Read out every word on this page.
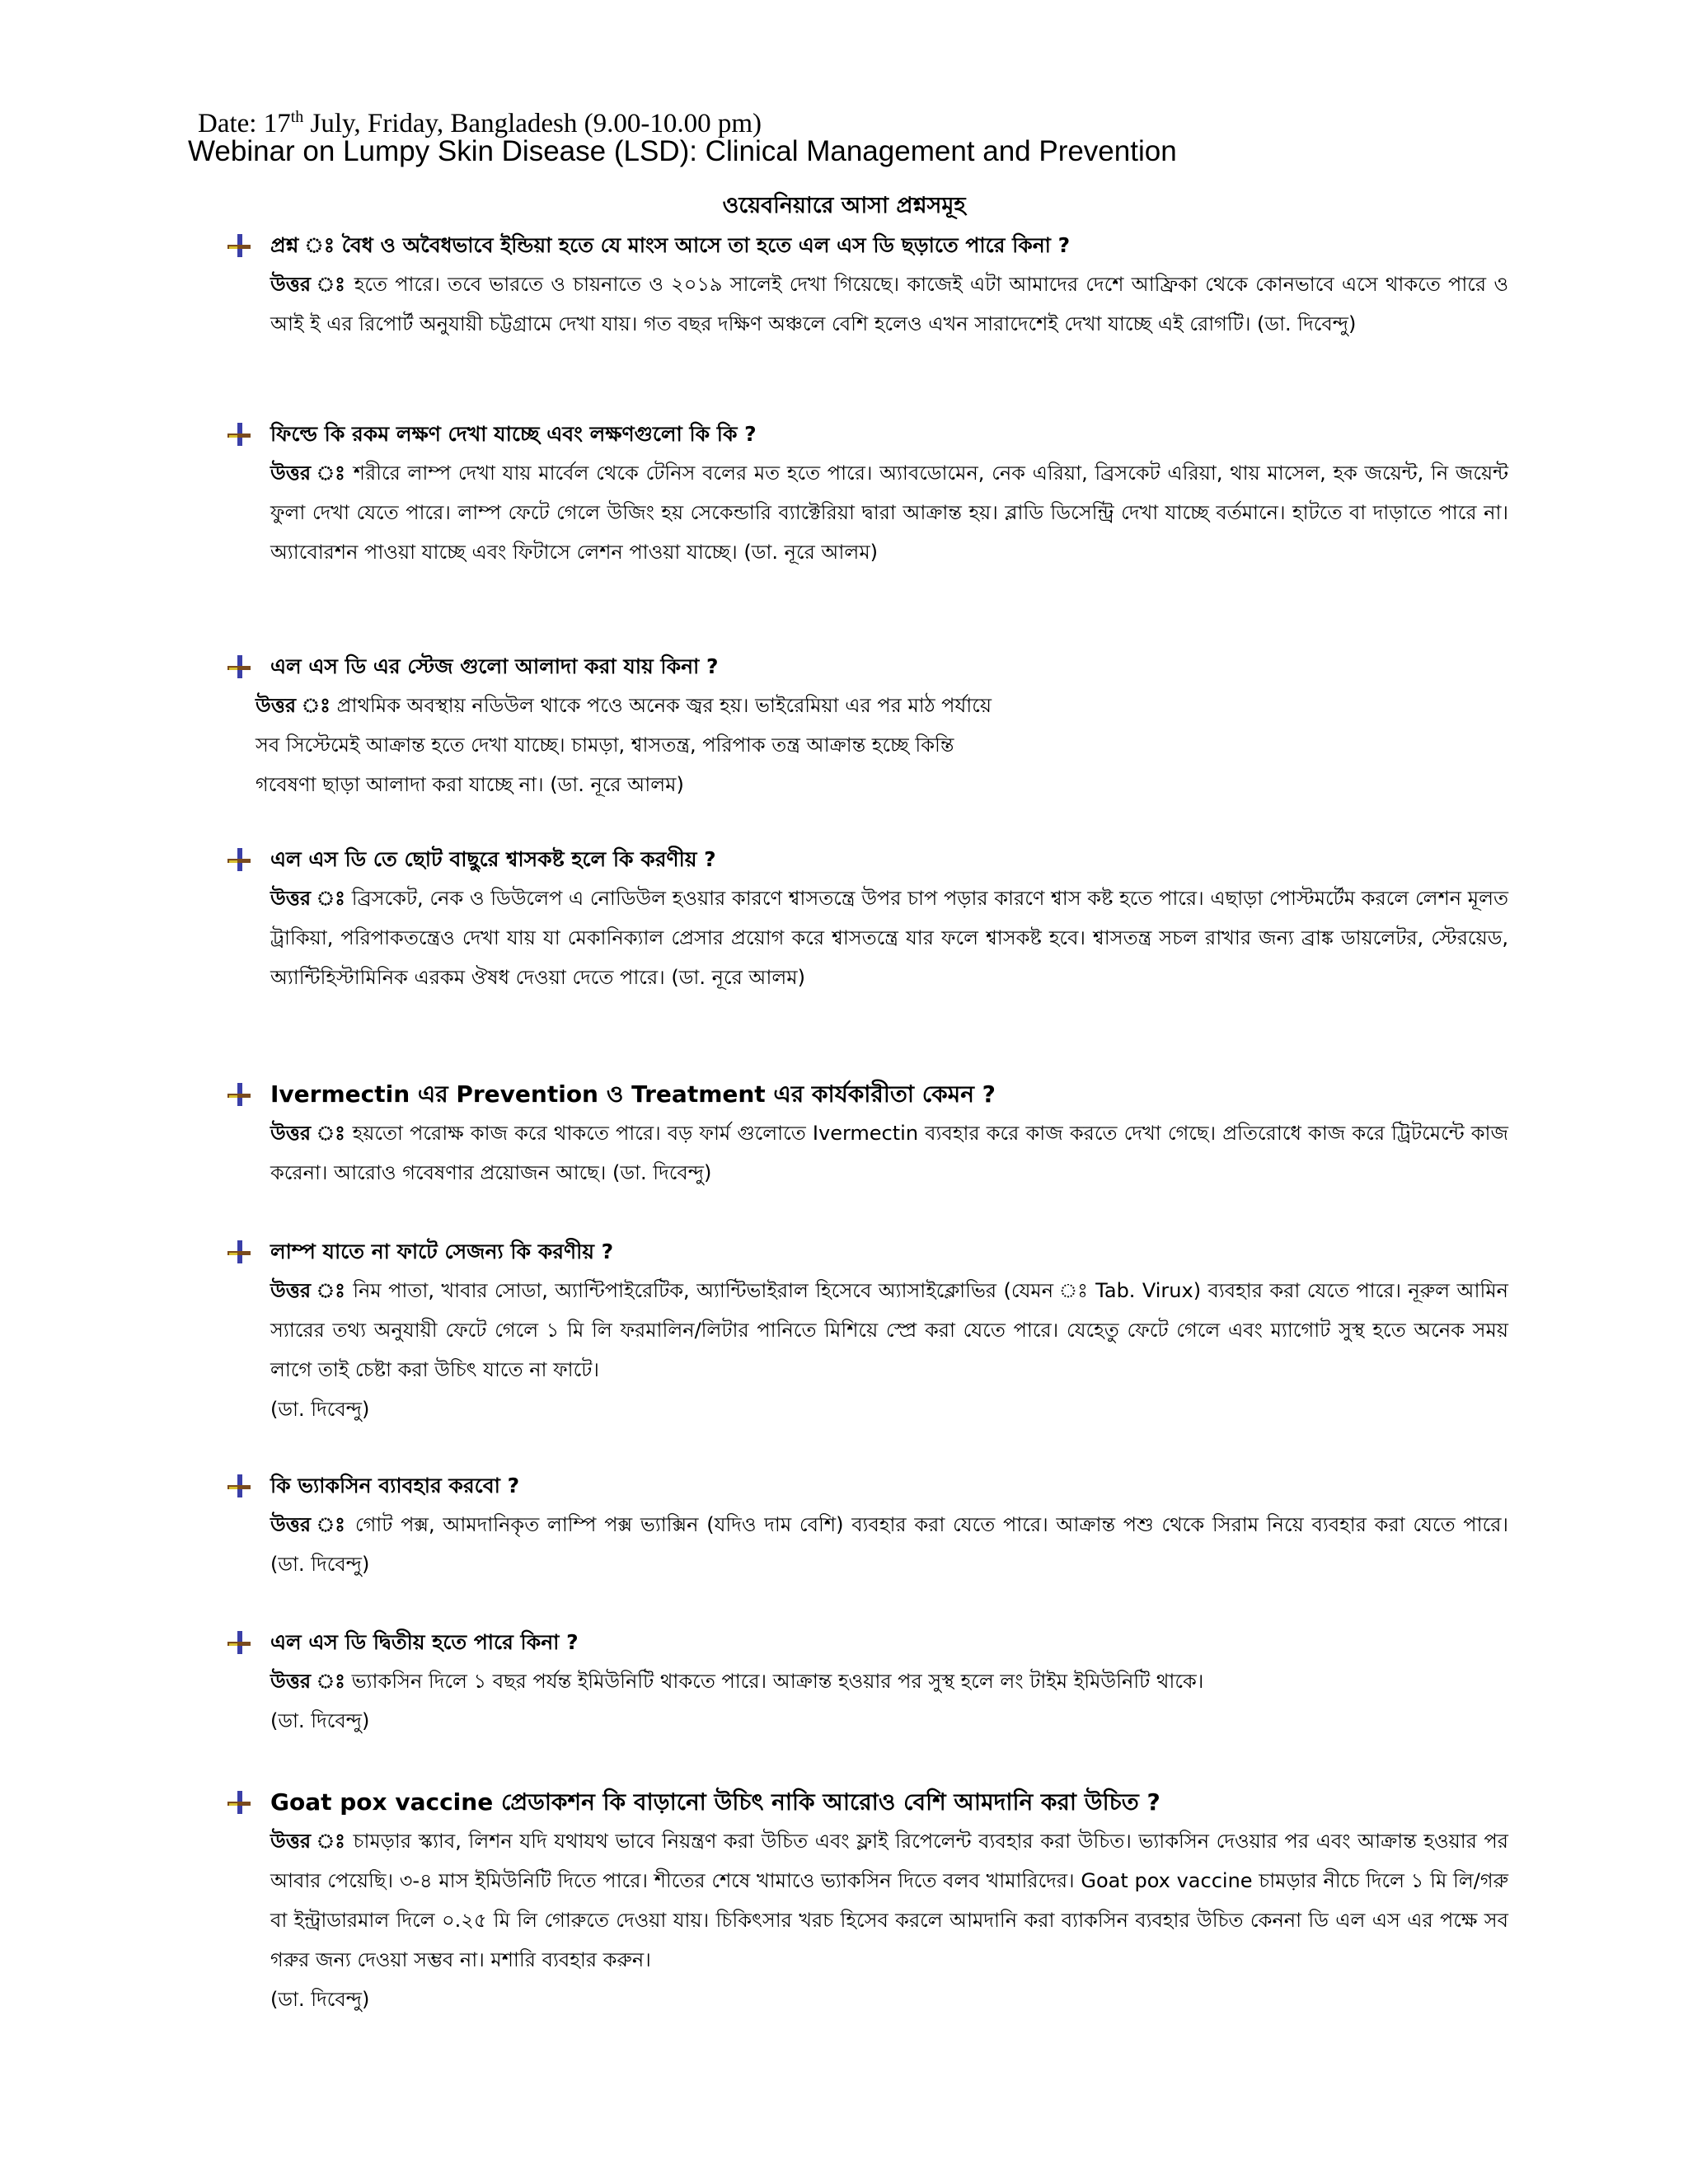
Date: 17th July, Friday, Bangladesh (9.00-10.00 pm)
Webinar on Lumpy Skin Disease (LSD): Clinical Management and Prevention
ওয়েবনিয়ারে আসা প্রশ্নসমূহ
প্রশ্ন ঃ বৈধ ও অবৈধভাবে ইন্ডিয়া হতে যে মাংস আসে তা হতে এল এস ডি ছড়াতে পারে কিনা ?
উত্তর ঃ হতে পারে। তবে ভারতে ও চায়নাতে ও ২০১৯ সালেই দেখা গিয়েছে। কাজেই এটা আমাদের দেশে আফ্রিকা থেকে কোনভাবে এসে থাকতে পারে ও আই ই এর রিপোর্ট অনুযায়ী চট্টগ্রামে দেখা যায়। গত বছর দক্ষিণ অঞ্চলে বেশি হলেও এখন সারাদেশেই দেখা যাচ্ছে এই রোগটি। (ডা. দিবেন্দু)
ফিল্ডে কি রকম লক্ষণ দেখা যাচ্ছে এবং লক্ষণগুলো কি কি ?
উত্তর ঃ শরীরে লাম্প দেখা যায় মার্বেল থেকে টেনিস বলের মত হতে পারে। অ্যাবডোমেন, নেক এরিয়া, ব্রিসকেট এরিয়া, থায় মাসেল, হক জয়েন্ট, নি জয়েন্ট ফুলা দেখা যেতে পারে। লাম্প ফেটে গেলে উজিং হয় সেকেন্ডারি ব্যাক্টেরিয়া দ্বারা আক্রান্ত হয়। ব্লাডি ডিসেন্ট্রি দেখা যাচ্ছে বর্তমানে। হাটতে বা দাড়াতে পারে না। অ্যাবোরশন পাওয়া যাচ্ছে এবং ফিটাসে লেশন পাওয়া যাচ্ছে। (ডা. নূরে আলম)
এল এস ডি এর স্টেজ গুলো আলাদা করা যায় কিনা ?
উত্তর ঃ প্রাথমিক অবস্থায় নডিউল থাকে পওে অনেক জ্বর হয়। ভাইরেমিয়া এর পর মাঠ পর্যায়ে
সব সিস্টেমেই আক্রান্ত হতে দেখা যাচ্ছে। চামড়া, শ্বাসতন্ত্র, পরিপাক তন্ত্র আক্রান্ত হচ্ছে কিন্তি
গবেষণা ছাড়া আলাদা করা যাচ্ছে না। (ডা. নূরে আলম)
এল এস ডি তে ছোট বাছুরে শ্বাসকষ্ট হলে কি করণীয় ?
উত্তর ঃ ব্রিসকেট, নেক ও ডিউলেপ এ নোডিউল হওয়ার কারণে শ্বাসতন্ত্রে উপর চাপ পড়ার কারণে শ্বাস কষ্ট হতে পারে। এছাড়া পোস্টমর্টেম করলে লেশন মূলত ট্রাকিয়া, পরিপাকতন্ত্রেও দেখা যায় যা মেকানিক্যাল প্রেসার প্রয়োগ করে শ্বাসতন্ত্রে যার ফলে শ্বাসকষ্ট হবে। শ্বাসতন্ত্র সচল রাখার জন্য ব্রাঙ্ক ডায়লেটর, স্টেরয়েড, অ্যান্টিহিস্টামিনিক এরকম ঔষধ দেওয়া দেতে পারে। (ডা. নূরে আলম)
Ivermectin এর Prevention ও Treatment এর কার্যকারীতা কেমন ?
উত্তর ঃ হয়তো পরোক্ষ কাজ করে থাকতে পারে। বড় ফার্ম গুলোতে Ivermectin ব্যবহার করে কাজ করতে দেখা গেছে। প্রতিরোধে কাজ করে ট্রিটমেন্টে কাজ করেনা। আরোও গবেষণার প্রয়োজন আছে। (ডা. দিবেন্দু)
লাম্প যাতে না ফাটে সেজন্য কি করণীয় ?
উত্তর ঃ নিম পাতা, খাবার সোডা, অ্যান্টিপাইরেটিক, অ্যান্টিভাইরাল হিসেবে অ্যাসাইক্লোভির (যেমন ঃ Tab. Virux) ব্যবহার করা যেতে পারে। নূরুল আমিন স্যারের তথ্য অনুযায়ী ফেটে গেলে ১ মি লি ফরমালিন/লিটার পানিতে মিশিয়ে স্প্রে করা যেতে পারে। যেহেতু ফেটে গেলে এবং ম্যাগোট সুস্থ হতে অনেক সময় লাগে তাই চেষ্টা করা উচিৎ যাতে না ফাটে।
(ডা. দিবেন্দু)
কি ভ্যাকসিন ব্যাবহার করবো ?
উত্তর ঃ গোট পক্স, আমদানিকৃত লাম্পি পক্স ভ্যাক্সিন (যদিও দাম বেশি) ব্যবহার করা যেতে পারে। আক্রান্ত পশু থেকে সিরাম নিয়ে ব্যবহার করা যেতে পারে। (ডা. দিবেন্দু)
এল এস ডি দ্বিতীয় হতে পারে কিনা ?
উত্তর ঃ ভ্যাকসিন দিলে ১ বছর পর্যন্ত ইমিউনিটি থাকতে পারে। আক্রান্ত হওয়ার পর সুস্থ হলে লং টাইম ইমিউনিটি থাকে।
(ডা. দিবেন্দু)
Goat pox vaccine প্রেডাকশন কি বাড়ানো উচিৎ নাকি আরোও বেশি আমদানি করা উচিত ?
উত্তর ঃ চামড়ার স্ক্যাব, লিশন যদি যথাযথ ভাবে নিয়ন্ত্রণ করা উচিত এবং ফ্লাই রিপেলেন্ট ব্যবহার করা উচিত। ভ্যাকসিন দেওয়ার পর এবং আক্রান্ত হওয়ার পর আবার পেয়েছি। ৩-৪ মাস ইমিউনিটি দিতে পারে। শীতের শেষে খামাওে ভ্যাকসিন দিতে বলব খামারিদের। Goat pox vaccine চামড়ার নীচে দিলে ১ মি লি/গরু বা ইন্ট্রাডারমাল দিলে ০.২৫ মি লি গোরুতে দেওয়া যায়। চিকিৎসার খরচ হিসেব করলে আমদানি করা ব্যাকসিন ব্যবহার উচিত কেননা ডি এল এস এর পক্ষে সব গরুর জন্য দেওয়া সম্ভব না। মশারি ব্যবহার করুন।
(ডা. দিবেন্দু)
